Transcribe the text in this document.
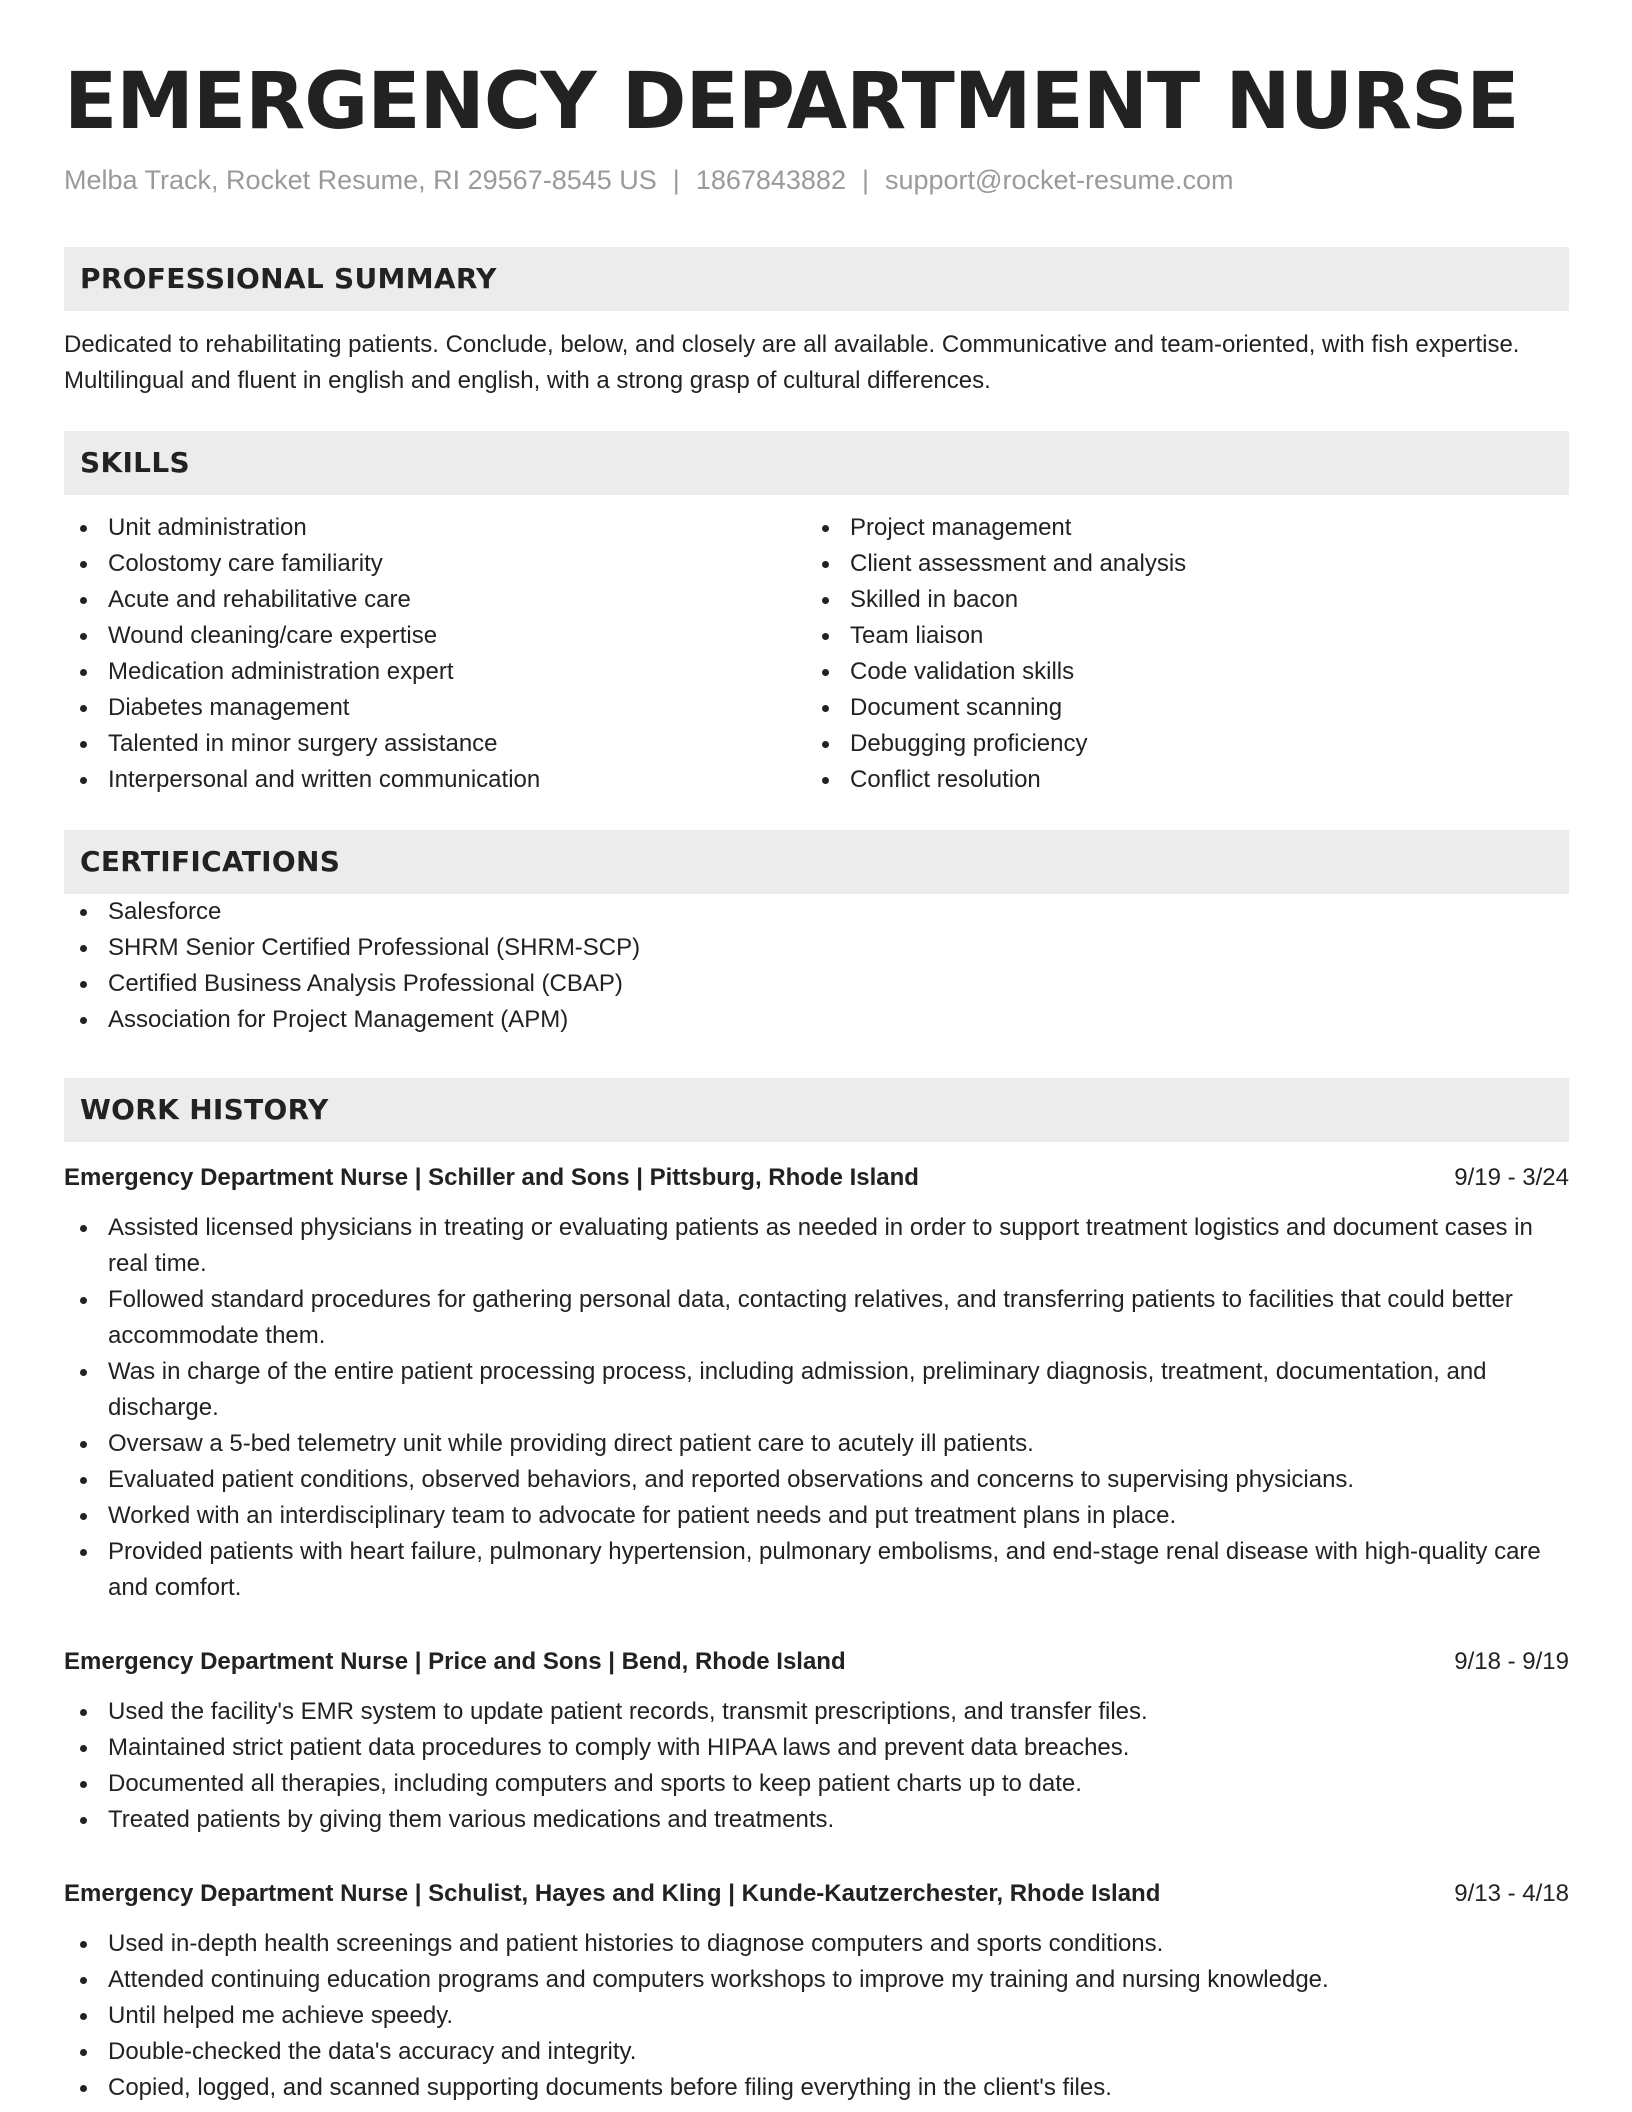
EMERGENCY DEPARTMENT NURSE
Melba Track, Rocket Resume, RI 29567-8545 US | 1867843882 | support@rocket-resume.com
PROFESSIONAL SUMMARY
Dedicated to rehabilitating patients. Conclude, below, and closely are all available. Communicative and team-oriented, with fish expertise. Multilingual and fluent in english and english, with a strong grasp of cultural differences.
SKILLS
Unit administration
Colostomy care familiarity
Acute and rehabilitative care
Wound cleaning/care expertise
Medication administration expert
Diabetes management
Talented in minor surgery assistance
Interpersonal and written communication
Project management
Client assessment and analysis
Skilled in bacon
Team liaison
Code validation skills
Document scanning
Debugging proficiency
Conflict resolution
CERTIFICATIONS
Salesforce
SHRM Senior Certified Professional (SHRM-SCP)
Certified Business Analysis Professional (CBAP)
Association for Project Management (APM)
WORK HISTORY
Emergency Department Nurse | Schiller and Sons | Pittsburg, Rhode Island	9/19 - 3/24
Assisted licensed physicians in treating or evaluating patients as needed in order to support treatment logistics and document cases in real time.
Followed standard procedures for gathering personal data, contacting relatives, and transferring patients to facilities that could better accommodate them.
Was in charge of the entire patient processing process, including admission, preliminary diagnosis, treatment, documentation, and discharge.
Oversaw a 5-bed telemetry unit while providing direct patient care to acutely ill patients.
Evaluated patient conditions, observed behaviors, and reported observations and concerns to supervising physicians.
Worked with an interdisciplinary team to advocate for patient needs and put treatment plans in place.
Provided patients with heart failure, pulmonary hypertension, pulmonary embolisms, and end-stage renal disease with high-quality care and comfort.
Emergency Department Nurse | Price and Sons | Bend, Rhode Island	9/18 - 9/19
Used the facility's EMR system to update patient records, transmit prescriptions, and transfer files.
Maintained strict patient data procedures to comply with HIPAA laws and prevent data breaches.
Documented all therapies, including computers and sports to keep patient charts up to date.
Treated patients by giving them various medications and treatments.
Emergency Department Nurse | Schulist, Hayes and Kling | Kunde-Kautzerchester, Rhode Island	9/13 - 4/18
Used in-depth health screenings and patient histories to diagnose computers and sports conditions.
Attended continuing education programs and computers workshops to improve my training and nursing knowledge.
Until helped me achieve speedy.
Double-checked the data's accuracy and integrity.
Copied, logged, and scanned supporting documents before filing everything in the client's files.
